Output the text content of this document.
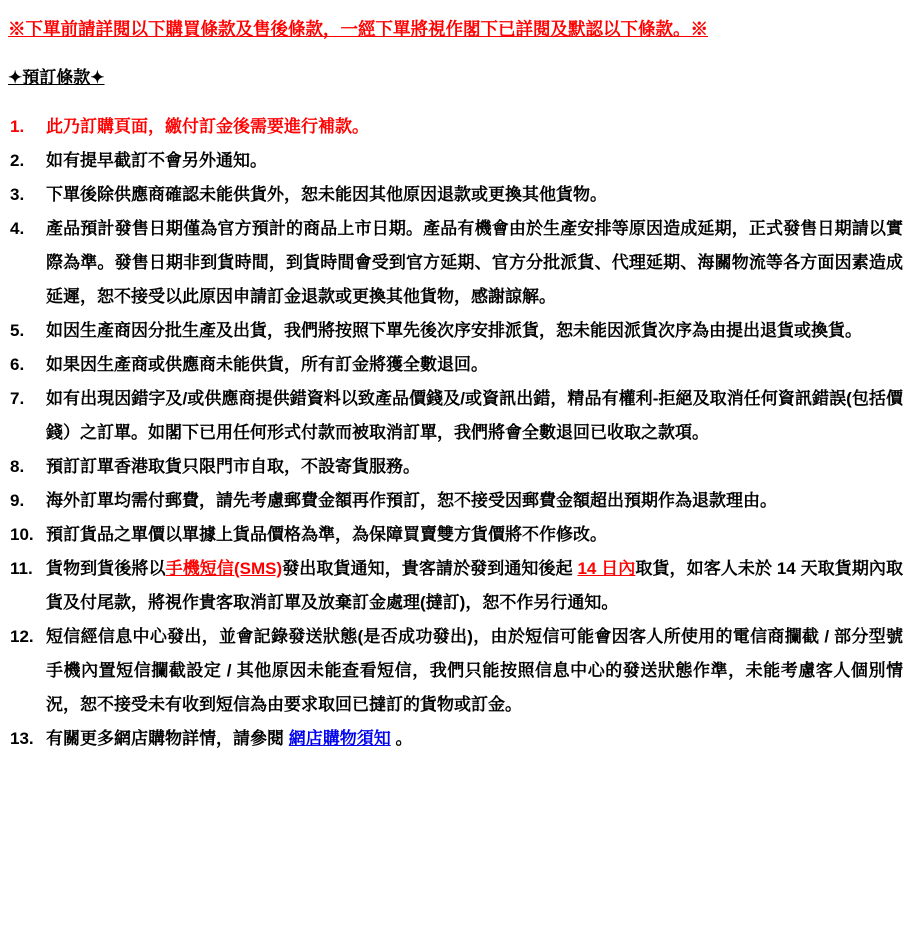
※下單前請詳閱以下購買條款及售後條款，一經下單將視作閣下已詳閱及默認以下條款。※
✦預訂條款✦
1. 此乃訂購頁面，繳付訂金後需要進行補款。
2. 如有提早截訂不會另外通知。
3. 下單後除供應商確認未能供貨外，恕未能因其他原因退款或更換其他貨物。
4. 產品預計發售日期僅為官方預計的商品上市日期。產品有機會由於生產安排等原因造成延期，正式發售日期請以實際為準。發售日期非到貨時間，到貨時間會受到官方延期、官方分批派貨、代理延期、海關物流等各方面因素造成延遲，恕不接受以此原因申請訂金退款或更換其他貨物，感謝諒解。
5. 如因生產商因分批生產及出貨，我們將按照下單先後次序安排派貨，恕未能因派貨次序為由提出退貨或換貨。
6. 如果因生產商或供應商未能供貨，所有訂金將獲全數退回。
7. 如有出現因錯字及/或供應商提供錯資料以致產品價錢及/或資訊出錯，精品有權利-拒絕及取消任何資訊錯誤(包括價錢）之訂單。如閣下已用任何形式付款而被取消訂單，我們將會全數退回已收取之款項。
8. 預訂訂單香港取貨只限門市自取，不設寄貨服務。
9. 海外訂單均需付郵費，請先考慮郵費金額再作預訂，恕不接受因郵費金額超出預期作為退款理由。
10. 預訂貨品之單價以單據上貨品價格為準，為保障買賣雙方貨價將不作修改。
11. 貨物到貨後將以手機短信(SMS)發出取貨通知，貴客請於發到通知後起 14 日內取貨，如客人未於 14 天取貨期內取貨及付尾款，將視作貴客取消訂單及放棄訂金處理(撻訂)，恕不作另行通知。
12. 短信經信息中心發出，並會記錄發送狀態(是否成功發出)，由於短信可能會因客人所使用的電信商攔截 / 部分型號手機內置短信攔截設定 / 其他原因未能查看短信，我們只能按照信息中心的發送狀態作準，未能考慮客人個別情況，恕不接受未有收到短信為由要求取回已撻訂的貨物或訂金。
13. 有關更多網店購物詳情，請參閱 網店購物須知 。
